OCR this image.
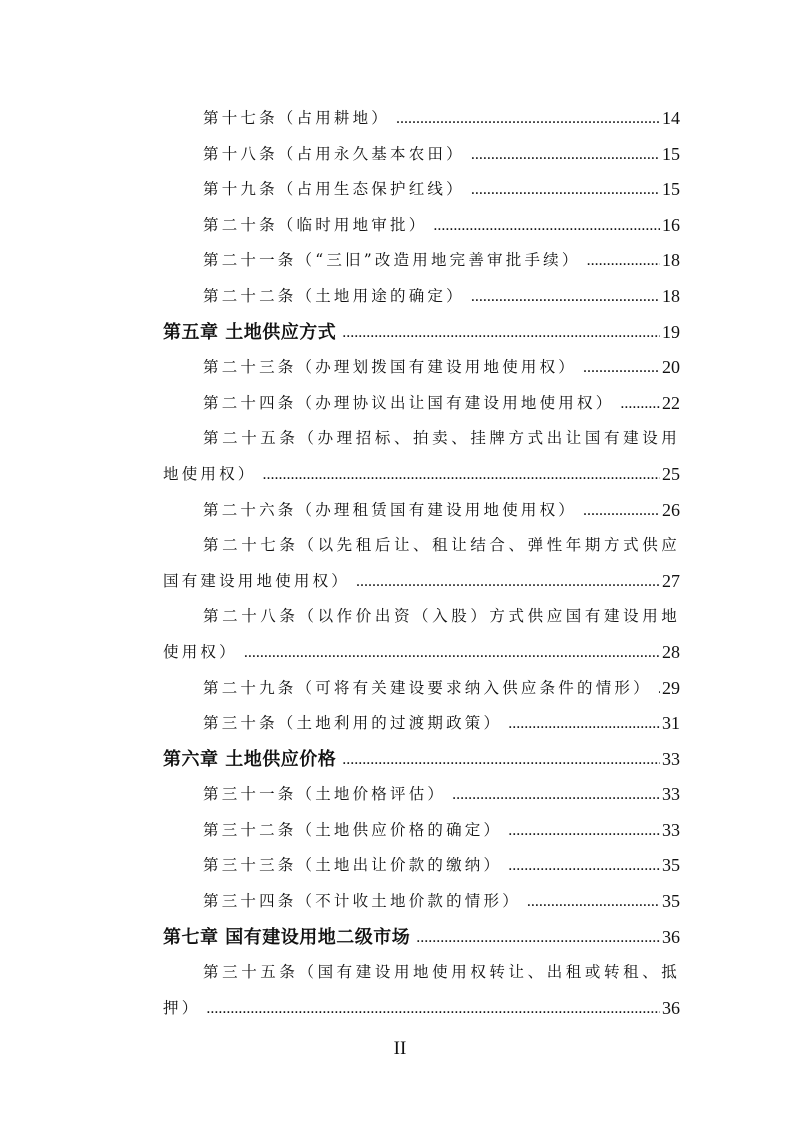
第十七条（占用耕地） .....	14
第十八条（占用永久基本农田） .....	15
第十九条（占用生态保护红线） .....	15
第二十条（临时用地审批） .....	16
第二十一条（“三旧”改造用地完善审批手续） .....	18
第二十二条（土地用途的确定） .....	18
第五章 土地供应方式 .....	19
第二十三条（办理划拨国有建设用地使用权） .....	20
第二十四条（办理协议出让国有建设用地使用权） .....	22
第二十五条（办理招标、拍卖、挂牌方式出让国有建设用
地使用权） .....	25
第二十六条（办理租赁国有建设用地使用权） .....	26
第二十七条（以先租后让、租让结合、弹性年期方式供应
国有建设用地使用权） .....	27
第二十八条（以作价出资（入股）方式供应国有建设用地
使用权） .....	28
第二十九条（可将有关建设要求纳入供应条件的情形） ..... 29
第三十条（土地利用的过渡期政策） .....	31
第六章 土地供应价格 .....	33
第三十一条（土地价格评估） .....	33
第三十二条（土地供应价格的确定） .....	33
第三十三条（土地出让价款的缴纳） .....	35
第三十四条（不计收土地价款的情形） .....	35
第七章 国有建设用地二级市场 .....	36
第三十五条（国有建设用地使用权转让、出租或转租、抵
押） .....	36
II
